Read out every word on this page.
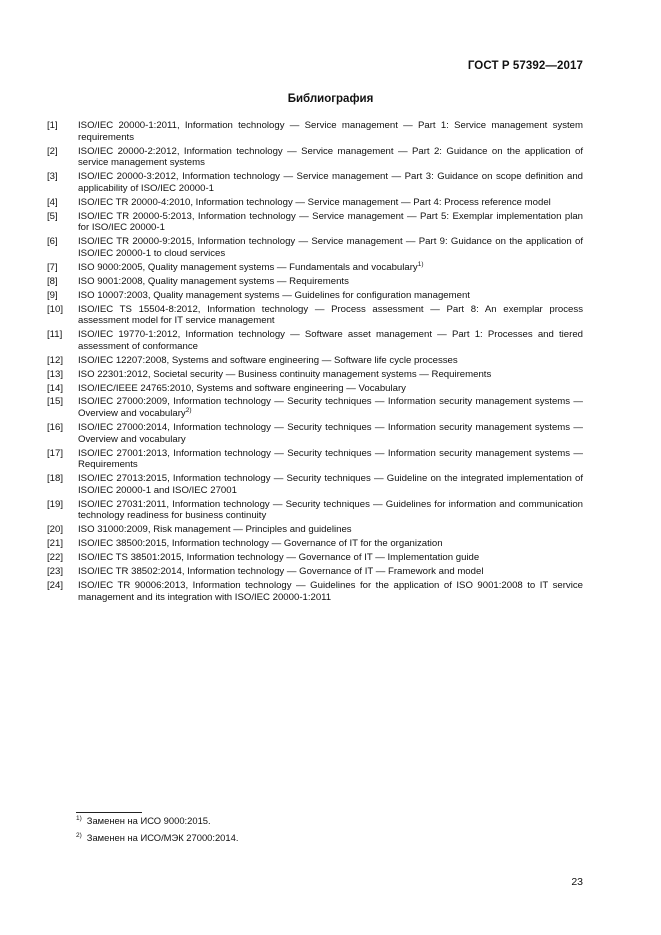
ГОСТ Р 57392—2017
Библиография
[1]	ISO/IEC 20000-1:2011, Information technology — Service management — Part 1: Service management system requirements
[2]	ISO/IEC 20000-2:2012, Information technology — Service management — Part 2: Guidance on the application of service management systems
[3]	ISO/IEC 20000-3:2012, Information technology — Service management — Part 3: Guidance on scope definition and applicability of ISO/IEC 20000-1
[4]	ISO/IEC TR 20000-4:2010, Information technology — Service management — Part 4: Process reference model
[5]	ISO/IEC TR 20000-5:2013, Information technology — Service management — Part 5: Exemplar implementation plan for ISO/IEC 20000-1
[6]	ISO/IEC TR 20000-9:2015, Information technology — Service management — Part 9: Guidance on the application of ISO/IEC 20000-1 to cloud services
[7]	ISO 9000:2005, Quality management systems — Fundamentals and vocabulary$^{1)}$
[8]	ISO 9001:2008, Quality management systems — Requirements
[9]	ISO 10007:2003, Quality management systems — Guidelines for configuration management
[10]	ISO/IEC TS 15504-8:2012, Information technology — Process assessment — Part 8: An exemplar process assessment model for IT service management
[11]	ISO/IEC 19770-1:2012, Information technology — Software asset management — Part 1: Processes and tiered assessment of conformance
[12]	ISO/IEC 12207:2008, Systems and software engineering — Software life cycle processes
[13]	ISO 22301:2012, Societal security — Business continuity management systems — Requirements
[14]	ISO/IEC/IEEE 24765:2010, Systems and software engineering — Vocabulary
[15]	ISO/IEC 27000:2009, Information technology — Security techniques — Information security management systems — Overview and vocabulary$^{2)}$
[16]	ISO/IEC 27000:2014, Information technology — Security techniques — Information security management systems — Overview and vocabulary
[17]	ISO/IEC 27001:2013, Information technology — Security techniques — Information security management systems — Requirements
[18]	ISO/IEC 27013:2015, Information technology — Security techniques — Guideline on the integrated implementation of ISO/IEC 20000-1 and ISO/IEC 27001
[19]	ISO/IEC 27031:2011, Information technology — Security techniques — Guidelines for information and communication technology readiness for business continuity
[20]	ISO 31000:2009, Risk management — Principles and guidelines
[21]	ISO/IEC 38500:2015, Information technology — Governance of IT for the organization
[22]	ISO/IEC TS 38501:2015, Information technology — Governance of IT — Implementation guide
[23]	ISO/IEC TR 38502:2014, Information technology — Governance of IT — Framework and model
[24]	ISO/IEC TR 90006:2013, Information technology — Guidelines for the application of ISO 9001:2008 to IT service management and its integration with ISO/IEC 20000-1:2011
$^{1)}$ Заменен на ИСО 9000:2015.
$^{2)}$ Заменен на ИСО/МЭК 27000:2014.
23
